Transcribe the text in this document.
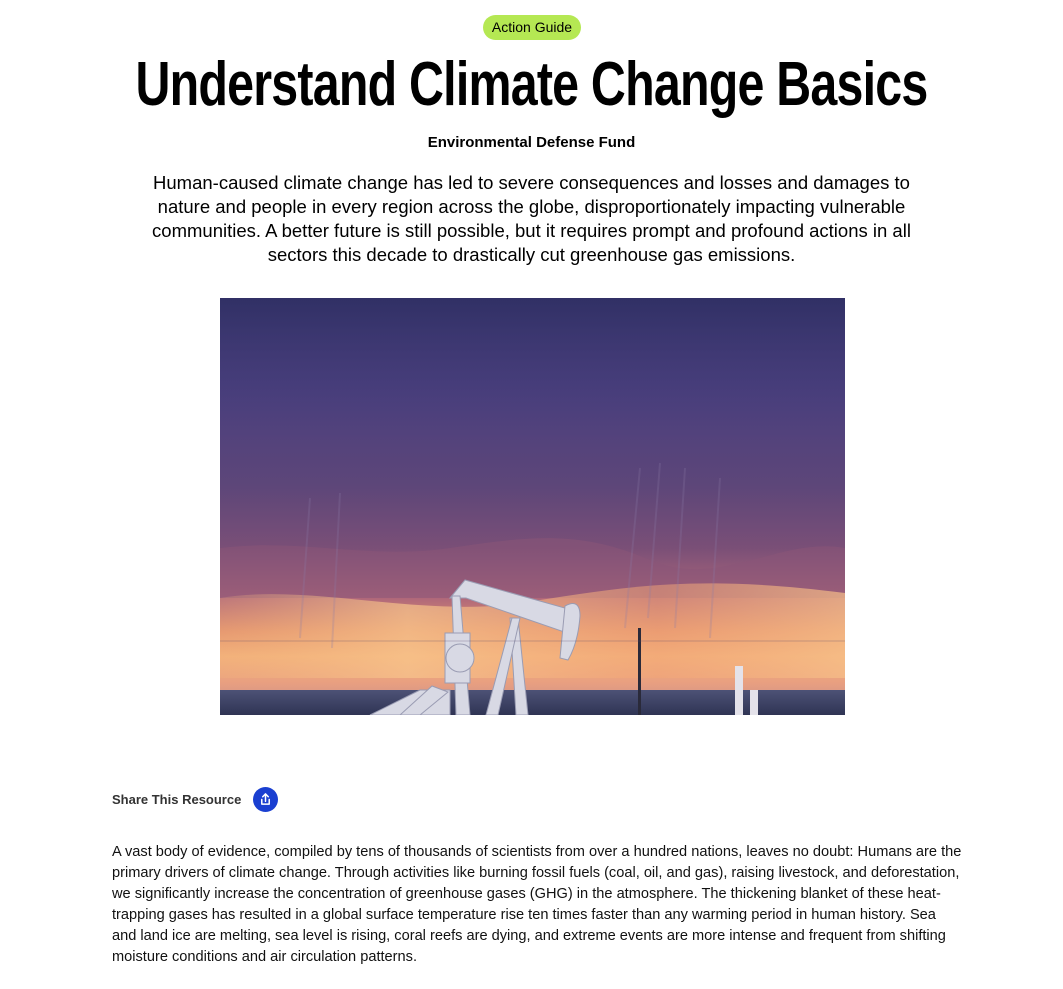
Action Guide
Understand Climate Change Basics
Environmental Defense Fund
Human-caused climate change has led to severe consequences and losses and damages to nature and people in every region across the globe, disproportionately impacting vulnerable communities. A better future is still possible, but it requires prompt and profound actions in all sectors this decade to drastically cut greenhouse gas emissions.
Share This Resource
A vast body of evidence, compiled by tens of thousands of scientists from over a hundred nations, leaves no doubt: Humans are the primary drivers of climate change. Through activities like burning fossil fuels (coal, oil, and gas), raising livestock, and deforestation, we significantly increase the concentration of greenhouse gases (GHG) in the atmosphere. The thickening blanket of these heat-trapping gases has resulted in a global surface temperature rise ten times faster than any warming period in human history. Sea and land ice are melting, sea level is rising, coral reefs are dying, and extreme events are more intense and frequent from shifting moisture conditions and air circulation patterns.
